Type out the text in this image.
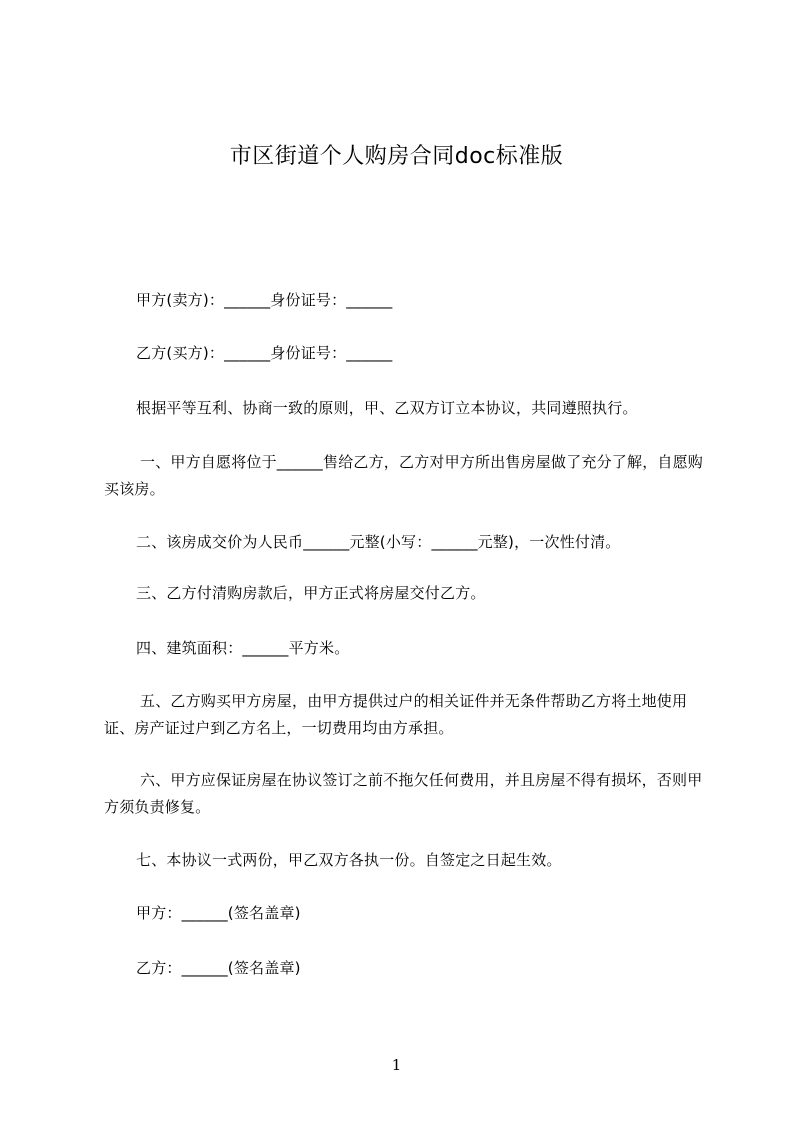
市区街道个人购房合同doc标准版
甲方(卖方)：______身份证号：______
乙方(买方)：______身份证号：______
根据平等互利、协商一致的原则，甲、乙双方订立本协议，共同遵照执行。
一、甲方自愿将位于______售给乙方，乙方对甲方所出售房屋做了充分了解，自愿购买该房。
二、该房成交价为人民币______元整(小写：______元整)，一次性付清。
三、乙方付清购房款后，甲方正式将房屋交付乙方。
四、建筑面积：______平方米。
五、乙方购买甲方房屋，由甲方提供过户的相关证件并无条件帮助乙方将土地使用证、房产证过户到乙方名上，一切费用均由方承担。
六、甲方应保证房屋在协议签订之前不拖欠任何费用，并且房屋不得有损坏，否则甲方须负责修复。
七、本协议一式两份，甲乙双方各执一份。自签定之日起生效。
甲方：______(签名盖章)
乙方：______(签名盖章)
1
